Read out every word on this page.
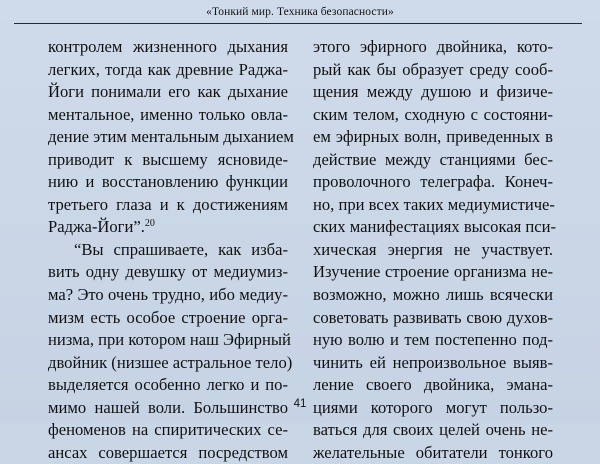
«Тонкий мир. Техника безопасности»

контролем жизненного дыхания
легких, тогда как древние Раджа-
Йоги понимали его как дыхание
ментальное, именно только овла-
дение этим ментальным дыханием
приводит к высшему ясновиде-
нию и восстановлению функции
третьего глаза и к достижениям
Раджа-Йоги”.$^{20}$

“Вы спрашиваете, как избa-
вить одну девушку от медиумиз-
ма? Это очень трудно, ибо медиу-
мизм есть особое строение орга-
низма, при котором наш Эфирный
двойник (низшее астральное тело)
выделяется особенно легко и по-
мимо нашей воли. Большинство
феноменов на спиритических се-
ансах совершается посредством

этого эфирного двойника, кото-
рый как бы образует среду сооб-
щения между душою и физиче-
ским телом, сходную с состояни-
ем эфирных волн, приведенных в
действие между станциями бес-
проволочного телеграфа. Конеч-
но, при всех таких медиумистиче-
ских манифестациях высокая пси-
хическая энергия не участвует.
Изучение строение организма не-
возможно, можно лишь всячески
советовать развивать свою духов-
ную волю и тем постепенно под-
чинить ей непроизвольное выяв-
ление своего двойника, эмана-
циями которого могут пользо-
ваться для своих целей очень не-
желательные обитатели тонкого

41
